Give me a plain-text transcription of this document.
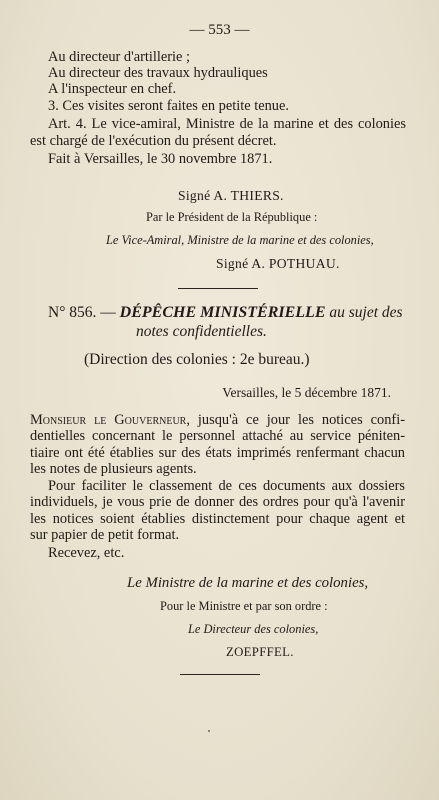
— 553 —
Au directeur d'artillerie ;
Au directeur des travaux hydrauliques
A l'inspecteur en chef.
3. Ces visites seront faites en petite tenue.
Art. 4. Le vice-amiral, Ministre de la marine et des colonies
est chargé de l'exécution du présent décret.
Fait à Versailles, le 30 novembre 1871.
Signé A. THIERS.
Par le Président de la République :
Le Vice-Amiral, Ministre de la marine et des colonies,
Signé A. POTHUAU.
N° 856. — DÉPÊCHE MINISTÉRIELLE au sujet des
notes confidentielles.
(Direction des colonies : 2e bureau.)
Versailles, le 5 décembre 1871.
Monsieur le Gouverneur, jusqu'à ce jour les notices confi-
dentielles concernant le personnel attaché au service péniten-
tiaire ont été établies sur des états imprimés renfermant chacun
les notes de plusieurs agents.
Pour faciliter le classement de ces documents aux dossiers
individuels, je vous prie de donner des ordres pour qu'à l'avenir
les notices soient établies distinctement pour chaque agent et
sur papier de petit format.
Recevez, etc.
Le Ministre de la marine et des colonies,
Pour le Ministre et par son ordre :
Le Directeur des colonies,
ZOEPFFEL.
